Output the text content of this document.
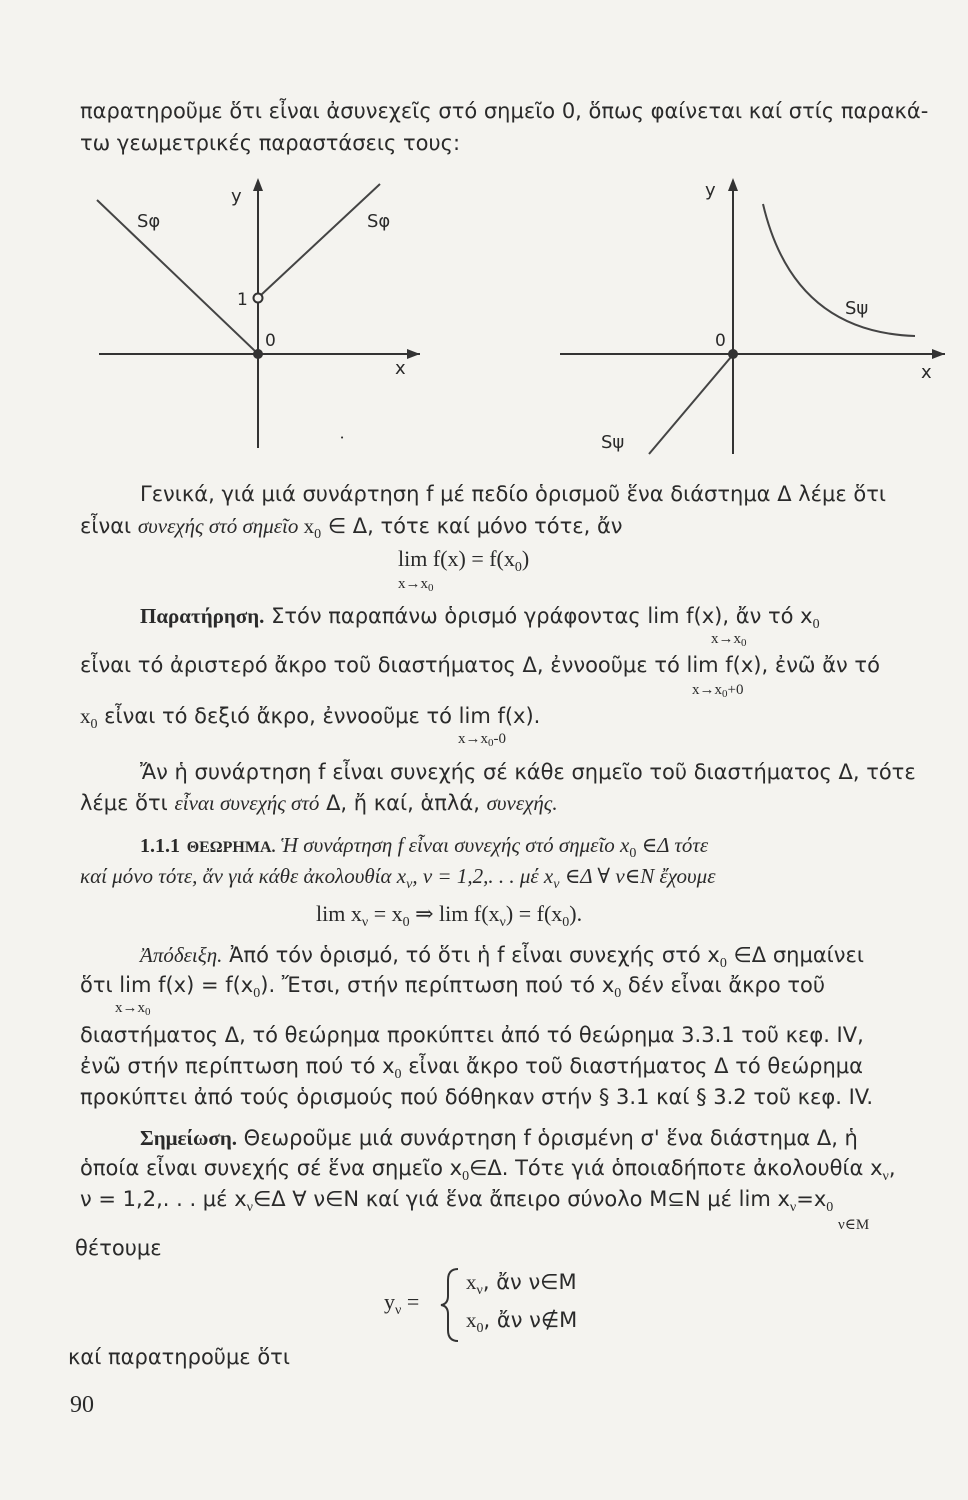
παρατηροῦμε ὅτι εἶναι ἀσυνεχεῖς στό σημεῖο 0, ὅπως φαίνεται καί στίς παρακά-
τω γεωμετρικές παραστάσεις τους:
•
y
x
Sφ	Sφ
1
0
y
x
Sψ
Sψ
0
Γενικά, γιά μιά συνάρτηση f μέ πεδίο ὁρισμοῦ ἕνα διάστημα Δ λέμε ὅτι
εἶναι συνεχής στό σημεῖο $x_0$ ∈ Δ, τότε καί μόνο τότε, ἄν
$\lim f(x) = f(x_0)$
$x\to x_0$
Παρατήρηση. Στόν παραπάνω ὁρισμό γράφοντας lim f(x), ἄν τό $x_0$
$x\to x_0$
εἶναι τό ἀριστερό ἄκρο τοῦ διαστήματος Δ, ἐννοοῦμε τό lim f(x), ἐνῶ ἄν τό
$x\to x_0+0$
$x_0$ εἶναι τό δεξιό ἄκρο, ἐννοοῦμε τό lim f(x).
$x\to x_0-0$
Ἄν ἡ συνάρτηση f εἶναι συνεχής σέ κάθε σημεῖο τοῦ διαστήματος Δ, τότε
λέμε ὅτι εἶναι συνεχής στό Δ, ἤ καί, ἁπλά, συνεχής.
1.1.1 ΘΕΩΡΗΜΑ. Ἡ συνάρτηση f εἶναι συνεχής στό σημεῖο $x_0$ ∈Δ τότε
καί μόνο τότε, ἄν γιά κάθε ἀκολουθία $x_\nu$, ν = 1,2,. . . μέ $x_\nu$ ∈Δ ∀ ν∈N ἔχουμε
$\lim x_\nu = x_0$ ⇒ $\lim f(x_\nu) = f(x_0)$.
Ἀπόδειξη. Ἀπό τόν ὁρισμό, τό ὅτι ἡ f εἶναι συνεχής στό $x_0$ ∈Δ σημαίνει
ὅτι $\lim f(x) = f(x_0)$. Ἔτσι, στήν περίπτωση πού τό $x_0$ δέν εἶναι ἄκρο τοῦ
$x\to x_0$
διαστήματος Δ, τό θεώρημα προκύπτει ἀπό τό θεώρημα 3.3.1 τοῦ κεφ. IV,
ἐνῶ στήν περίπτωση πού τό $x_0$ εἶναι ἄκρο τοῦ διαστήματος Δ τό θεώρημα
προκύπτει ἀπό τούς ὁρισμούς πού δόθηκαν στήν § 3.1 καί § 3.2 τοῦ κεφ. IV.
Σημείωση. Θεωροῦμε μιά συνάρτηση f ὁρισμένη σ' ἕνα διάστημα Δ, ἡ
ὁποία εἶναι συνεχής σέ ἕνα σημεῖο $x_0\in\Delta$. Τότε γιά ὁποιαδήποτε ἀκολουθία $x_\nu$,
ν = 1,2,. . . μέ $x_\nu\in\Delta$ ∀ ν∈N καί γιά ἕνα ἄπειρο σύνολο M⊆N μέ $\lim x_\nu=x_0$
ν∈M
θέτουμε
$y_\nu$ =
$x_\nu$, ἄν ν∈M
$x_0$, ἄν ν∉M
καί παρατηροῦμε ὅτι
90
